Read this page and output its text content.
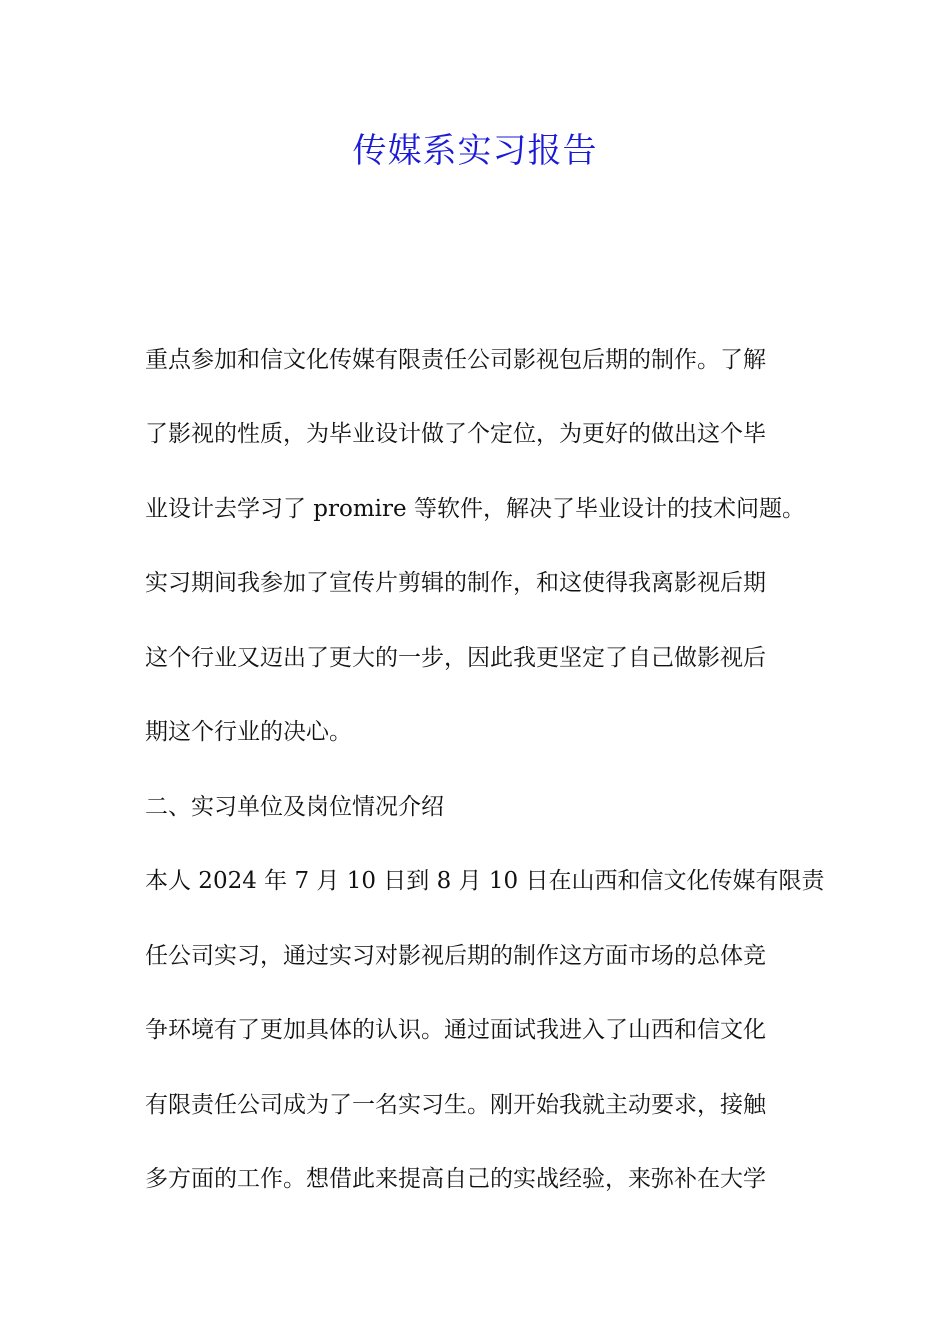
传媒系实习报告
重点参加和信文化传媒有限责任公司影视包后期的制作。了解
了影视的性质，为毕业设计做了个定位，为更好的做出这个毕
业设计去学习了 promire 等软件，解决了毕业设计的技术问题。
实习期间我参加了宣传片剪辑的制作，和这使得我离影视后期
这个行业又迈出了更大的一步，因此我更坚定了自己做影视后
期这个行业的决心。
二、实习单位及岗位情况介绍
本人 2024 年 7 月 10 日到 8 月 10 日在山西和信文化传媒有限责
任公司实习，通过实习对影视后期的制作这方面市场的总体竞
争环境有了更加具体的认识。通过面试我进入了山西和信文化
有限责任公司成为了一名实习生。刚开始我就主动要求，接触
多方面的工作。想借此来提高自己的实战经验，来弥补在大学
